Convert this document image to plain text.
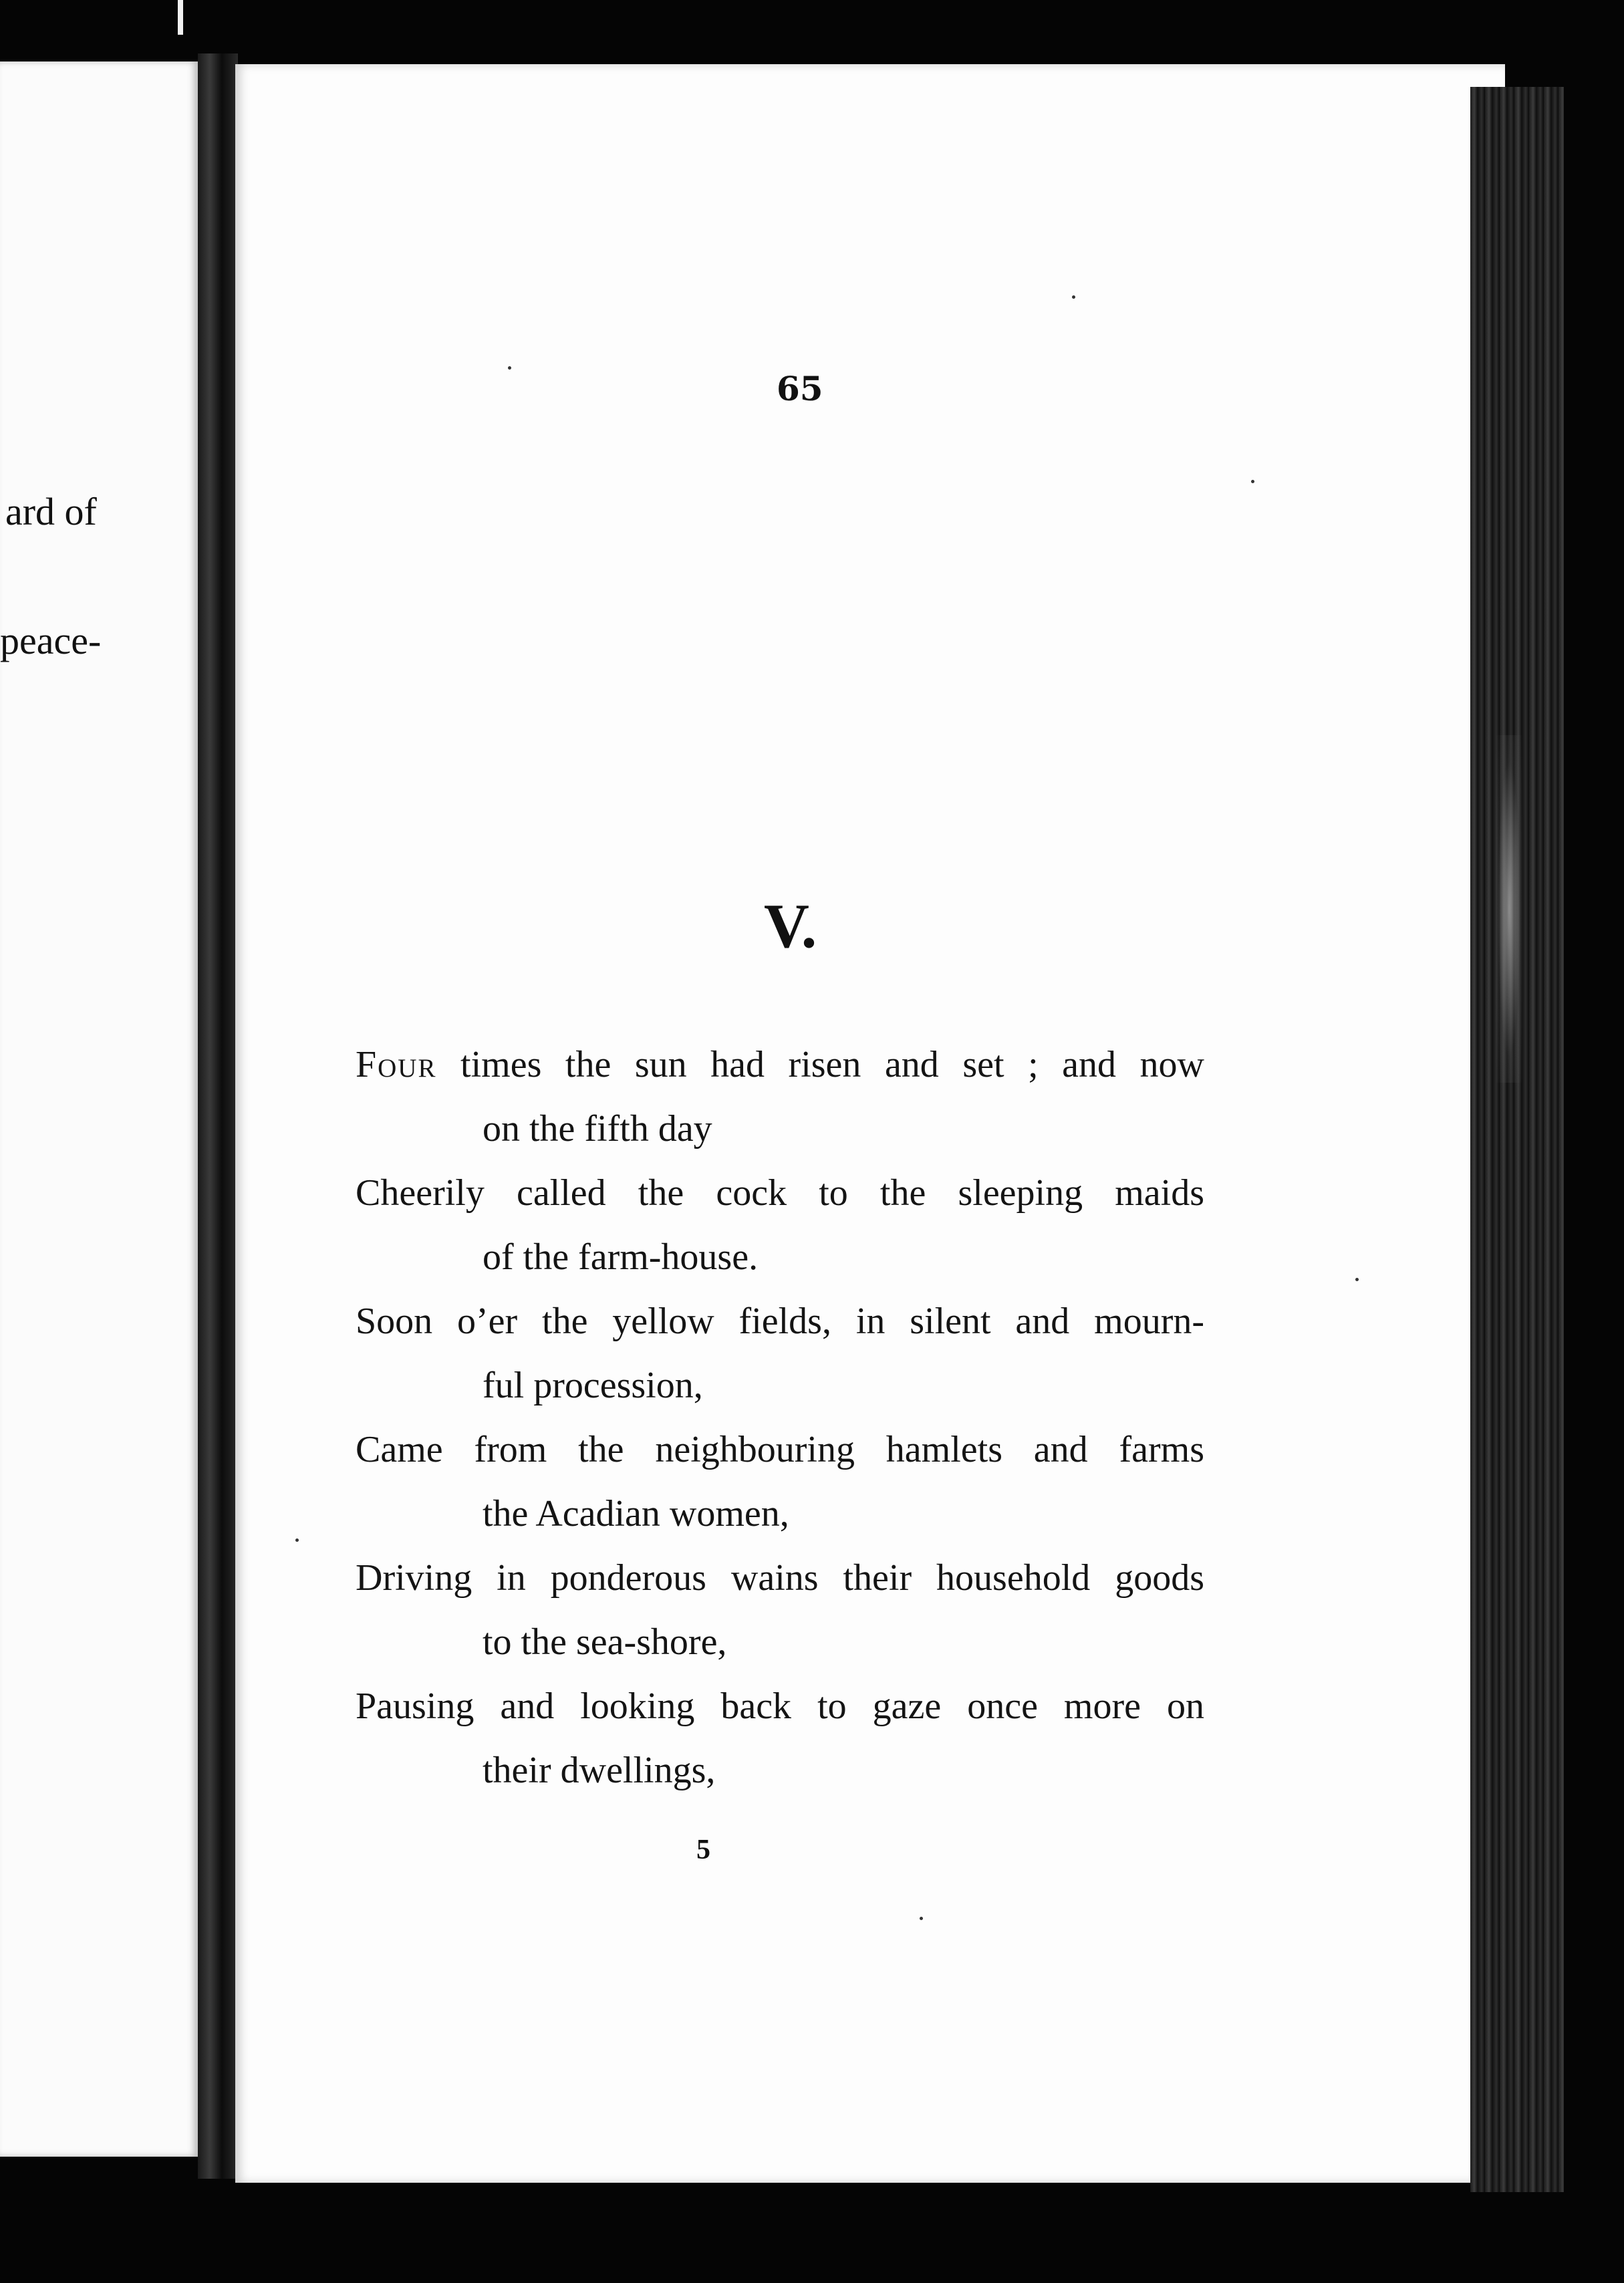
ard of
peace-
65
V.
Four times the sun had risen and set ; and now
on the fifth day
Cheerily called the cock to the sleeping maids
of the farm-house.
Soon o’er the yellow fields, in silent and mourn-
ful procession,
Came from the neighbouring hamlets and farms
the Acadian women,
Driving in ponderous wains their household goods
to the sea-shore,
Pausing and looking back to gaze once more on
their dwellings,
5
